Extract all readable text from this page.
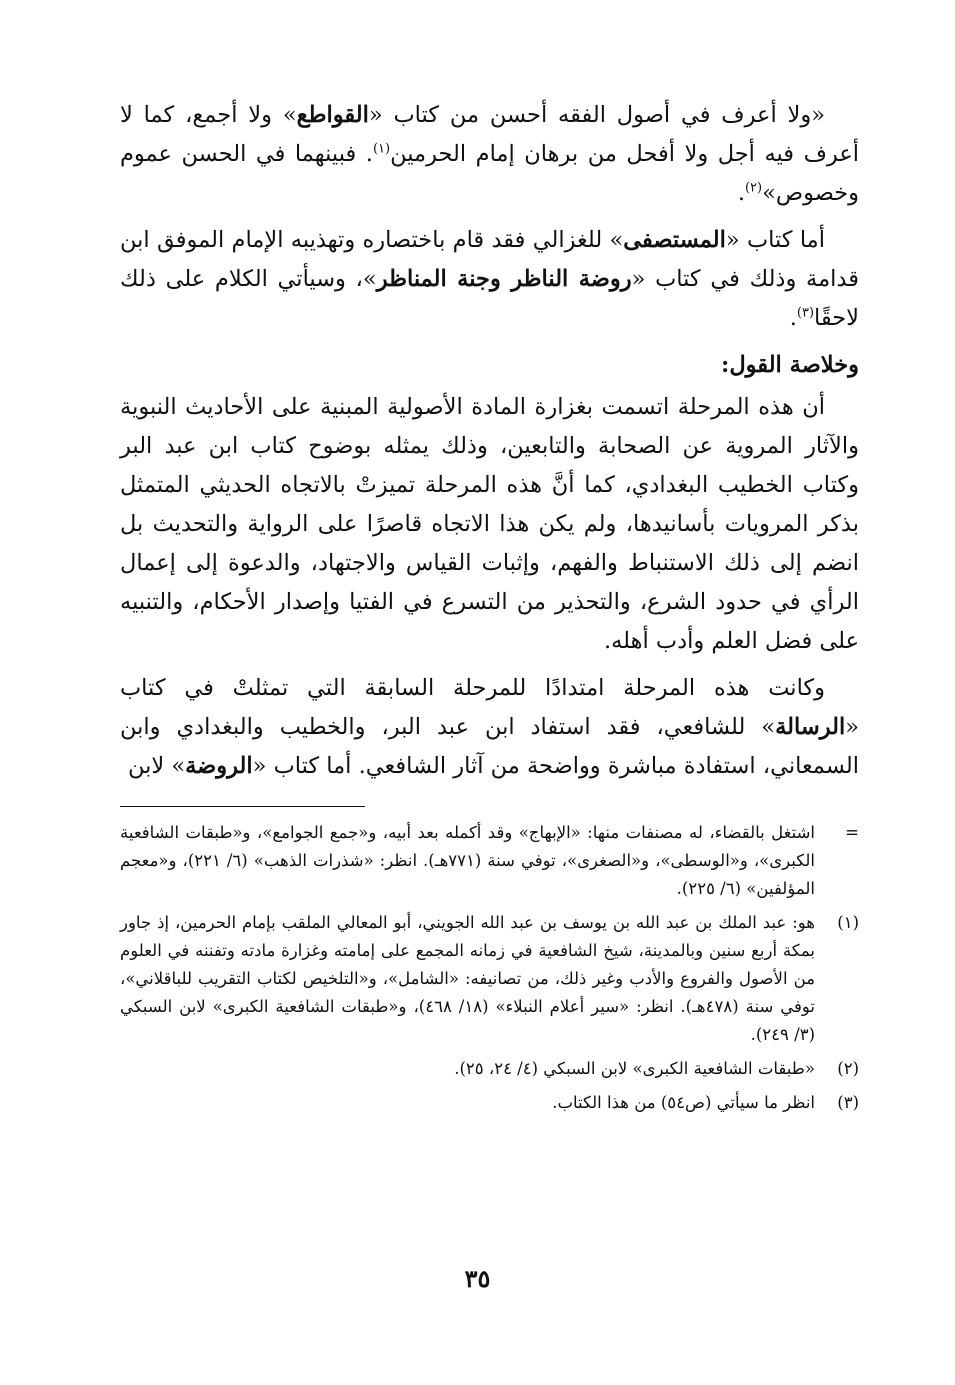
«ولا أعرف في أصول الفقه أحسن من كتاب «القواطع» ولا أجمع، كما لا أعرف فيه أجل ولا أفحل من برهان إمام الحرمين$^{(١)}$. فبينهما في الحسن عموم وخصوص»$^{(٢)}$.

أما كتاب «المستصفى» للغزالي فقد قام باختصاره وتهذيبه الإمام الموفق ابن قدامة وذلك في كتاب «روضة الناظر وجنة المناظر»، وسيأتي الكلام على ذلك لاحقًا$^{(٣)}$.

وخلاصة القول:

أن هذه المرحلة اتسمت بغزارة المادة الأصولية المبنية على الأحاديث النبوية والآثار المروية عن الصحابة والتابعين، وذلك يمثله بوضوح كتاب ابن عبد البر وكتاب الخطيب البغدادي، كما أنَّ هذه المرحلة تميزتْ بالاتجاه الحديثي المتمثل بذكر المرويات بأسانيدها، ولم يكن هذا الاتجاه قاصرًا على الرواية والتحديث بل انضم إلى ذلك الاستنباط والفهم، وإثبات القياس والاجتهاد، والدعوة إلى إعمال الرأي في حدود الشرع، والتحذير من التسرع في الفتيا وإصدار الأحكام، والتنبيه على فضل العلم وأدب أهله.

وكانت هذه المرحلة امتدادًا للمرحلة السابقة التي تمثلتْ في كتاب «الرسالة» للشافعي، فقد استفاد ابن عبد البر، والخطيب والبغدادي وابن السمعاني، استفادة مباشرة وواضحة من آثار الشافعي. أما كتاب «الروضة» لابن

=
اشتغل بالقضاء، له مصنفات منها: «الإبهاج» وقد أكمله بعد أبيه، و«جمع الجوامع»، و«طبقات الشافعية الكبرى»، و«الوسطى»، و«الصغرى»، توفي سنة (٧٧١هـ). انظر: «شذرات الذهب» (٦/ ٢٢١)، و«معجم المؤلفين» (٦/ ٢٢٥).
(١)
هو: عبد الملك بن عبد الله بن يوسف بن عبد الله الجويني، أبو المعالي الملقب بإمام الحرمين، إذ جاور بمكة أربع سنين وبالمدينة، شيخ الشافعية في زمانه المجمع على إمامته وغزارة مادته وتفننه في العلوم من الأصول والفروع والأدب وغير ذلك، من تصانيفه: «الشامل»، و«التلخيص لكتاب التقريب للباقلاني»، توفي سنة (٤٧٨هـ). انظر: «سير أعلام النبلاء» (١٨/ ٤٦٨)، و«طبقات الشافعية الكبرى» لابن السبكي (٣/ ٢٤٩).
(٢)
«طبقات الشافعية الكبرى» لابن السبكي (٤/ ٢٤، ٢٥).
(٣)
انظر ما سيأتي (ص٥٤) من هذا الكتاب.
٣٥
